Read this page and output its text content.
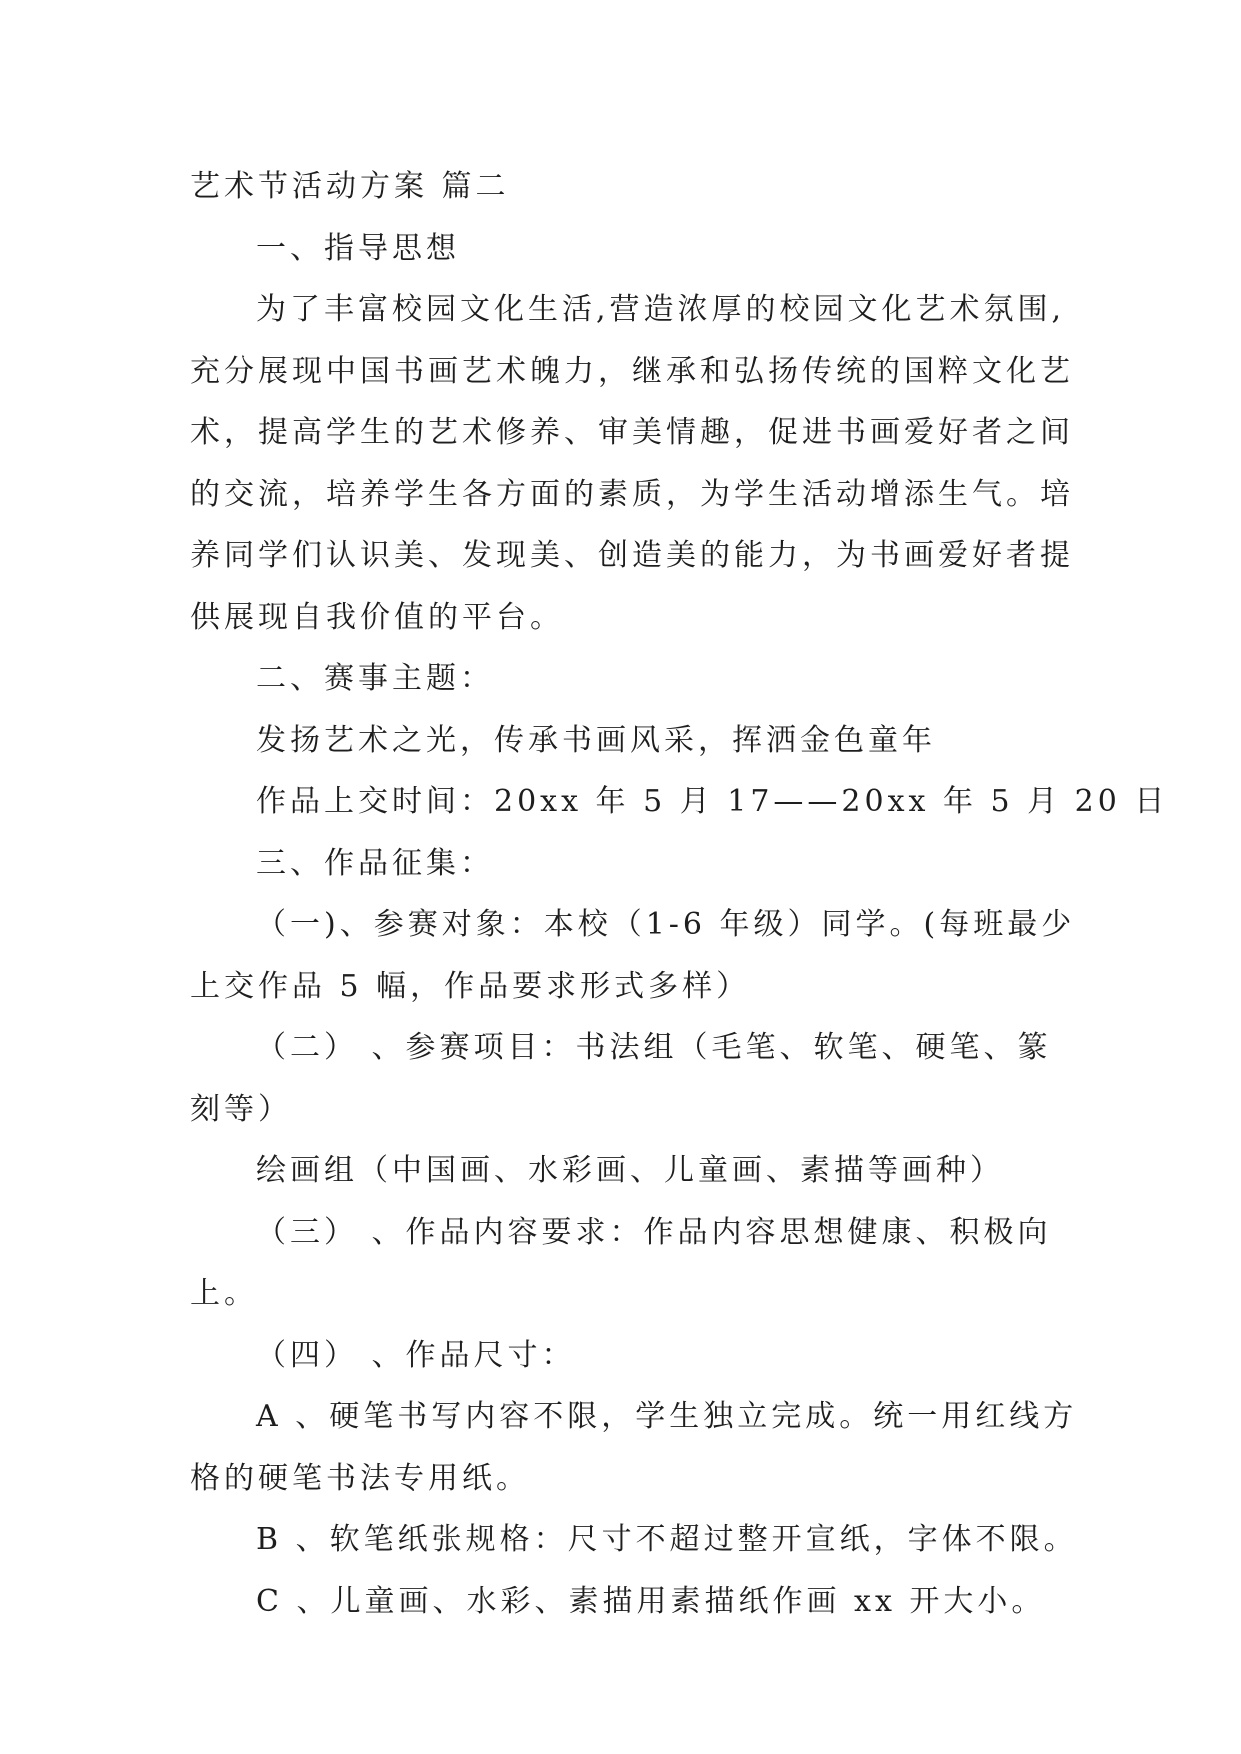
艺术节活动方案 篇二
一、指导思想
为了丰富校园文化生活,营造浓厚的校园文化艺术氛围,
充分展现中国书画艺术魄力，继承和弘扬传统的国粹文化艺
术，提高学生的艺术修养、审美情趣，促进书画爱好者之间
的交流，培养学生各方面的素质，为学生活动增添生气。培
养同学们认识美、发现美、创造美的能力，为书画爱好者提
供展现自我价值的平台。
二、赛事主题：
发扬艺术之光，传承书画风采，挥洒金色童年
作品上交时间：20xx 年 5 月 17——20xx 年 5 月 20 日
三、作品征集：
（一)、参赛对象：本校（1-6 年级）同学。(每班最少
上交作品 5 幅，作品要求形式多样）
（二） 、参赛项目：书法组（毛笔、软笔、硬笔、篆
刻等）
绘画组（中国画、水彩画、儿童画、素描等画种）
（三） 、作品内容要求：作品内容思想健康、积极向
上。
（四） 、作品尺寸：
A 、硬笔书写内容不限，学生独立完成。统一用红线方
格的硬笔书法专用纸。
B 、软笔纸张规格：尺寸不超过整开宣纸，字体不限。
C 、儿童画、水彩、素描用素描纸作画 xx 开大小。
